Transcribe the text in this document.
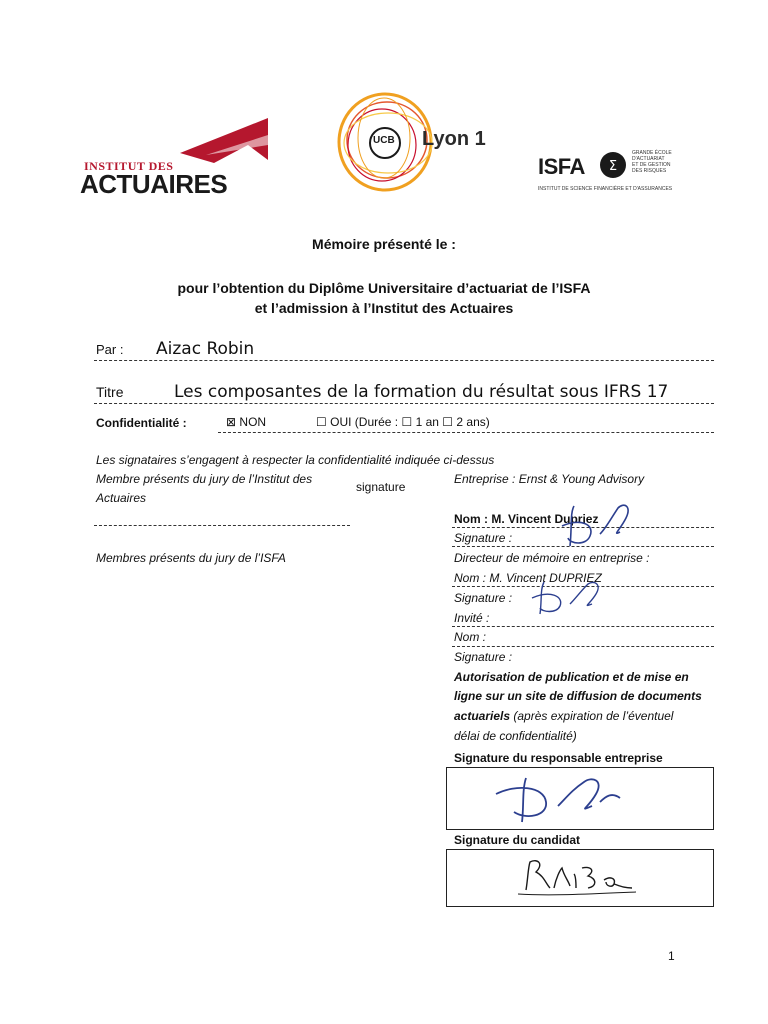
INSTITUT DES
ACTUAIRES
UCB Lyon 1
ISFA Σ
GRANDE ÉCOLE
D'ACTUARIAT
ET DE GESTION
DES RISQUES
INSTITUT DE SCIENCE FINANCIÈRE ET D'ASSURANCES
Mémoire présenté le :
pour l’obtention du Diplôme Universitaire d’actuariat de l’ISFA
et l’admission à l’Institut des Actuaires
Par : Aizac Robin
Titre	Les composantes de la formation du résultat sous IFRS 17
Confidentialité :	⊠ NON	☐ OUI (Durée : ☐ 1 an ☐ 2 ans)
Les signataires s’engagent à respecter la confidentialité indiquée ci-dessus
Membre présents du jury de l’Institut des
Actuaires
signature
Membres présents du jury de l’ISFA
Entreprise : Ernst & Young Advisory
Nom : M. Vincent Dupriez
Signature :
Directeur de mémoire en entreprise :
Nom : M. Vincent DUPRIEZ
Signature :
Invité :
Nom :
Signature :
Autorisation de publication et de mise en
ligne sur un site de diffusion de documents
actuariels (après expiration de l’éventuel
délai de confidentialité)
Signature du responsable entreprise
Signature du candidat
1
